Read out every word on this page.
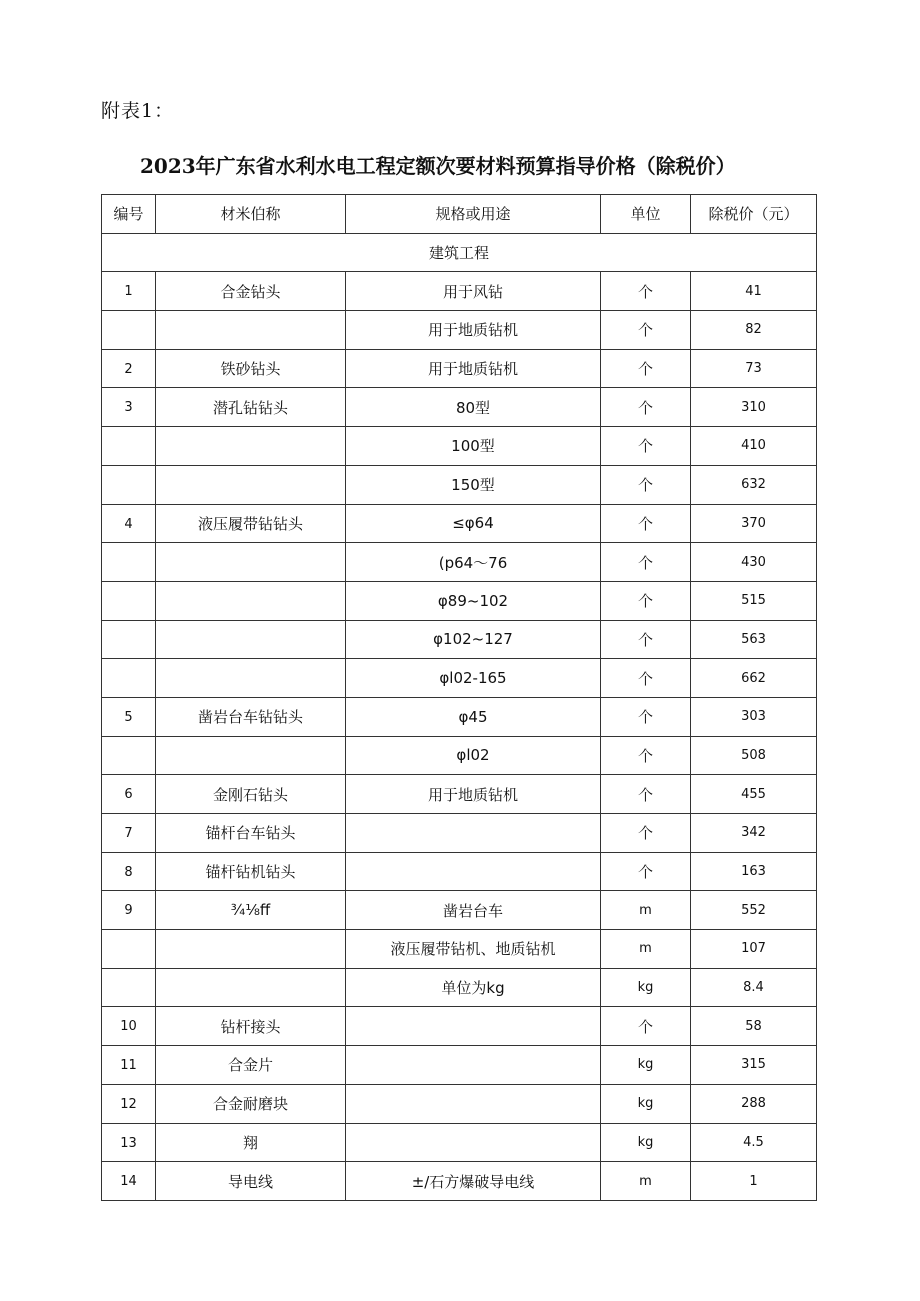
附表1：
2023年广东省水利水电工程定额次要材料预算指导价格（除税价）
编号	材米伯称	规格或用途	单位	除税价（元）
建筑工程				
1	合金钻头	用于风钻	个	41
		用于地质钻机	个	82
2	铁砂钻头	用于地质钻机	个	73
3	潜孔钻钻头	80型	个	310
		100型	个	410
		150型	个	632
4	液压履带钻钻头	≤φ64	个	370
		(p64～76	个	430
		φ89~102	个	515
		φ102~127	个	563
		φl02-165	个	662
5	凿岩台车钻钻头	φ45	个	303
		φl02	个	508
6	金刚石钻头	用于地质钻机	个	455
7	锚杆台车钻头		个	342
8	锚杆钻机钻头		个	163
9	¾⅛ff	凿岩台车	m	552
		液压履带钻机、地质钻机	m	107
		单位为kg	kg	8.4
10	钻杆接头		个	58
11	合金片		kg	315
12	合金耐磨块		kg	288
13	翔		kg	4.5
14	导电线	±/石方爆破导电线	m	1
